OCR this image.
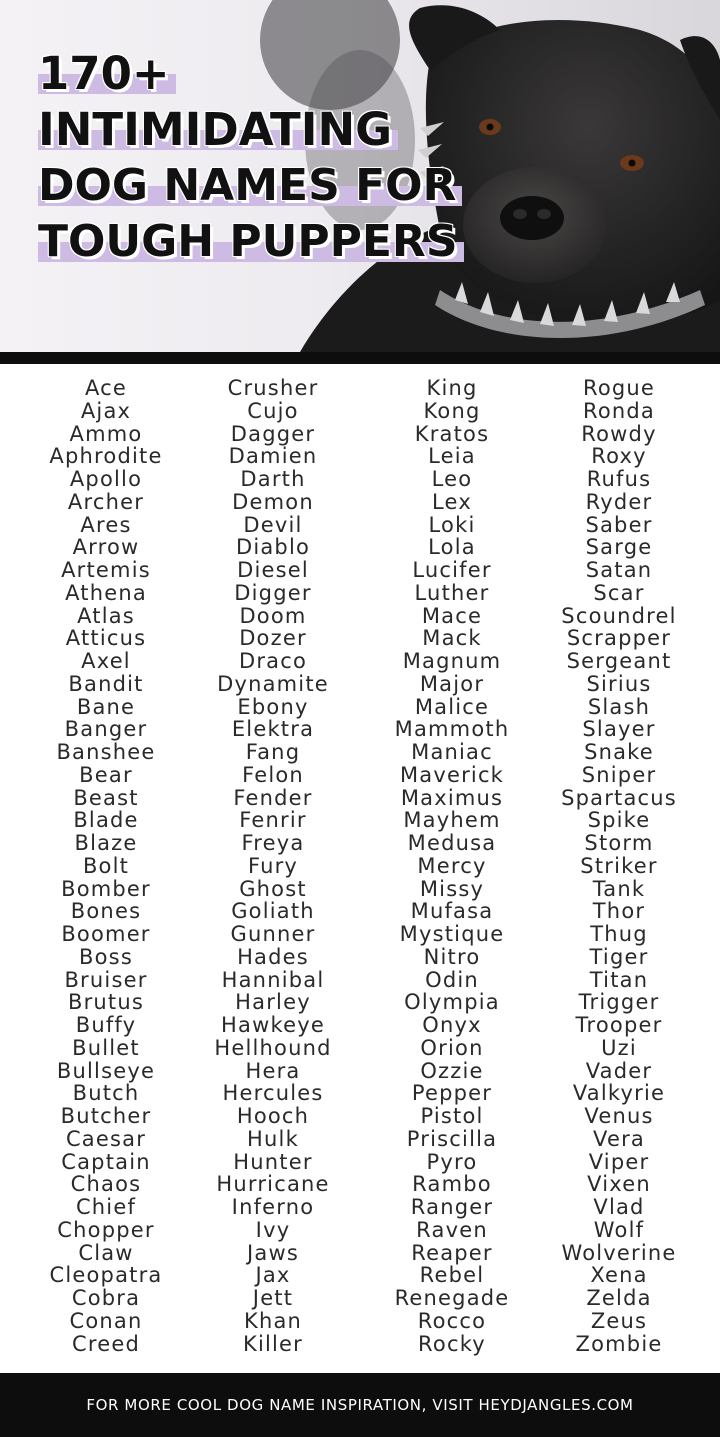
170+
INTIMIDATING
DOG NAMES FOR
TOUGH PUPPERS
Ace
Ajax
Ammo
Aphrodite
Apollo
Archer
Ares
Arrow
Artemis
Athena
Atlas
Atticus
Axel
Bandit
Bane
Banger
Banshee
Bear
Beast
Blade
Blaze
Bolt
Bomber
Bones
Boomer
Boss
Bruiser
Brutus
Buffy
Bullet
Bullseye
Butch
Butcher
Caesar
Captain
Chaos
Chief
Chopper
Claw
Cleopatra
Cobra
Conan
Creed
Crusher
Cujo
Dagger
Damien
Darth
Demon
Devil
Diablo
Diesel
Digger
Doom
Dozer
Draco
Dynamite
Ebony
Elektra
Fang
Felon
Fender
Fenrir
Freya
Fury
Ghost
Goliath
Gunner
Hades
Hannibal
Harley
Hawkeye
Hellhound
Hera
Hercules
Hooch
Hulk
Hunter
Hurricane
Inferno
Ivy
Jaws
Jax
Jett
Khan
Killer
King
Kong
Kratos
Leia
Leo
Lex
Loki
Lola
Lucifer
Luther
Mace
Mack
Magnum
Major
Malice
Mammoth
Maniac
Maverick
Maximus
Mayhem
Medusa
Mercy
Missy
Mufasa
Mystique
Nitro
Odin
Olympia
Onyx
Orion
Ozzie
Pepper
Pistol
Priscilla
Pyro
Rambo
Ranger
Raven
Reaper
Rebel
Renegade
Rocco
Rocky
Rogue
Ronda
Rowdy
Roxy
Rufus
Ryder
Saber
Sarge
Satan
Scar
Scoundrel
Scrapper
Sergeant
Sirius
Slash
Slayer
Snake
Sniper
Spartacus
Spike
Storm
Striker
Tank
Thor
Thug
Tiger
Titan
Trigger
Trooper
Uzi
Vader
Valkyrie
Venus
Vera
Viper
Vixen
Vlad
Wolf
Wolverine
Xena
Zelda
Zeus
Zombie
FOR MORE COOL DOG NAME INSPIRATION, VISIT HEYDJANGLES.COM
